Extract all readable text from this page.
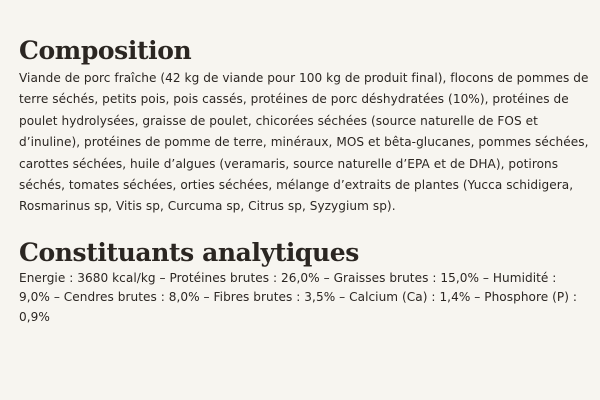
Composition

Viande de porc fraîche (42 kg de viande pour 100 kg de produit final), flocons de pommes de terre séchés, petits pois, pois cassés, protéines de porc déshydratées (10%), protéines de poulet hydrolysées, graisse de poulet, chicorées séchées (source naturelle de FOS et d’inuline), protéines de pomme de terre, minéraux, MOS et bêta-glucanes, pommes séchées, carottes séchées, huile d’algues (veramaris, source naturelle d’EPA et de DHA), potirons séchés, tomates séchées, orties séchées, mélange d’extraits de plantes (Yucca schidigera, Rosmarinus sp, Vitis sp, Curcuma sp, Citrus sp, Syzygium sp).

Constituants analytiques

Energie : 3680 kcal/kg – Protéines brutes : 26,0% – Graisses brutes : 15,0% – Humidité : 9,0% – Cendres brutes : 8,0% – Fibres brutes : 3,5% – Calcium (Ca) : 1,4% – Phosphore (P) : 0,9%
